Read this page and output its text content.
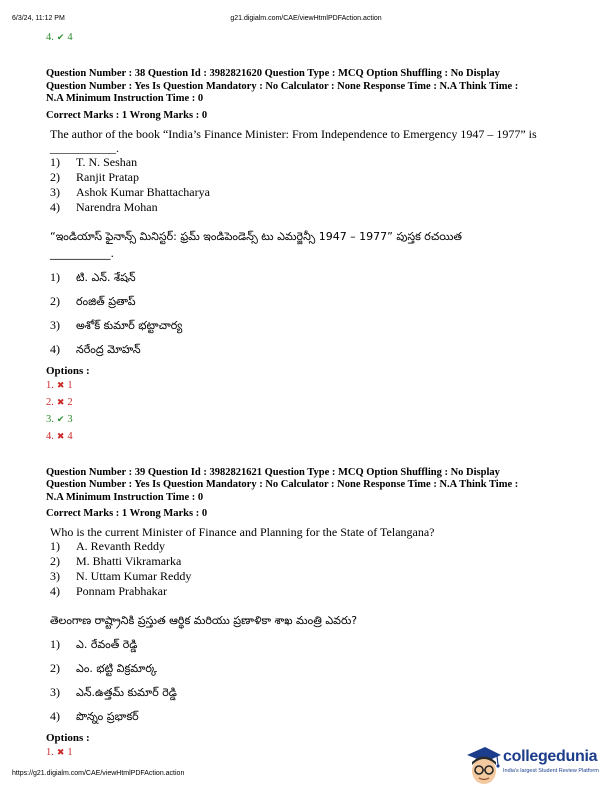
6/3/24, 11:12 PM	g21.digialm.com/CAE/viewHtmlPDFAction.action
4. ✔ 4
Question Number : 38 Question Id : 3982821620 Question Type : MCQ Option Shuffling : No Display
Question Number : Yes Is Question Mandatory : No Calculator : None Response Time : N.A Think Time :
N.A Minimum Instruction Time : 0
Correct Marks : 1 Wrong Marks : 0
The author of the book “India’s Finance Minister: From Independence to Emergency 1947 – 1977” is ___________.
1)	T. N. Seshan
2)	Ranjit Pratap
3)	Ashok Kumar Bhattacharya
4)	Narendra Mohan
“ఇండియాస్ ఫైనాన్స్ మినిస్టర్: ఫ్రమ్ ఇండిపెండెన్స్ టు ఎమర్జెన్సీ 1947 – 1977” పుస్తక రచయిత
___________.
1)	టి. ఎన్. శేషన్
2)	రంజిత్ ప్రతాప్
3)	అశోక్ కుమార్ భట్టాచార్య
4)	నరేంద్ర మోహన్
Options :
1. ✖ 1
2. ✖ 2
3. ✔ 3
4. ✖ 4
Question Number : 39 Question Id : 3982821621 Question Type : MCQ Option Shuffling : No Display
Question Number : Yes Is Question Mandatory : No Calculator : None Response Time : N.A Think Time :
N.A Minimum Instruction Time : 0
Correct Marks : 1 Wrong Marks : 0
Who is the current Minister of Finance and Planning for the State of Telangana?
1)	A. Revanth Reddy
2)	M. Bhatti Vikramarka
3)	N. Uttam Kumar Reddy
4)	Ponnam Prabhakar
తెలంగాణ రాష్ట్రానికి ప్రస్తుత ఆర్థిక మరియు ప్రణాళికా శాఖ మంత్రి ఎవరు?
1)	ఎ. రేవంత్ రెడ్డి
2)	ఎం. భట్టి విక్రమార్క
3)	ఎన్.ఉత్తమ్ కుమార్ రెడ్డి
4)	పొన్నం ప్రభాకర్
Options :
1. ✖ 1
https://g21.digialm.com/CAE/viewHtmlPDFAction.action
collegedunia
India's largest Student Review Platform
